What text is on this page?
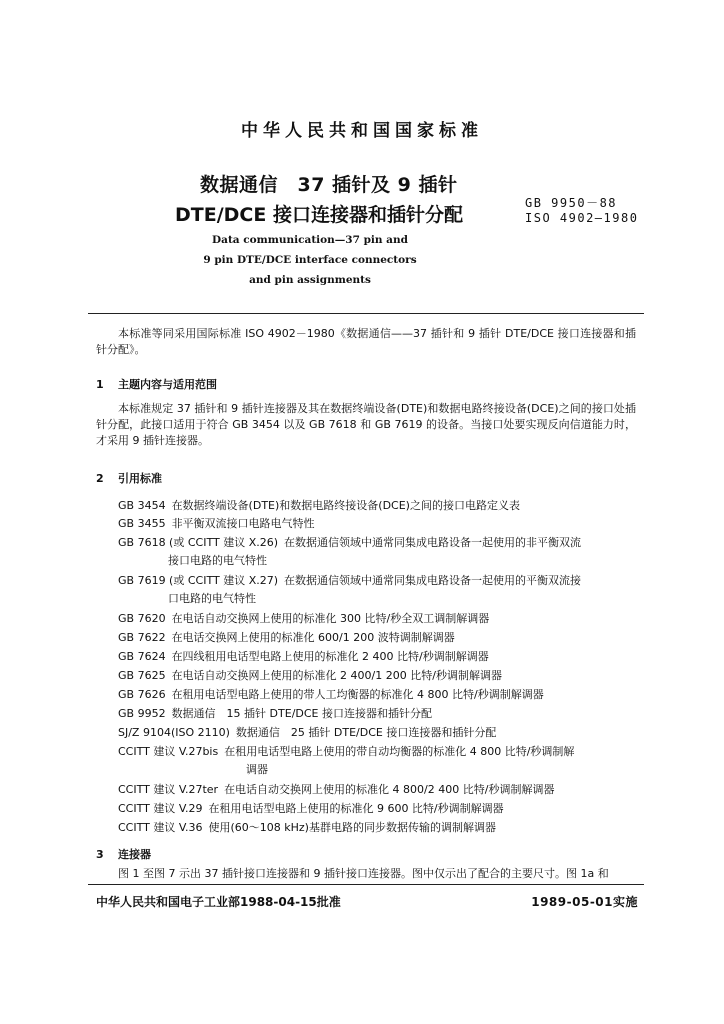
中华人民共和国国家标准
数据通信　37 插针及 9 插针
DTE/DCE 接口连接器和插针分配
GB 9950－88
ISO 4902—1980
Data communication—37 pin and
9 pin DTE/DCE interface connectors
and pin assignments
本标准等同采用国际标准 ISO 4902－1980《数据通信——37 插针和 9 插针 DTE/DCE 接口连接器和插针分配》。
1 主题内容与适用范围
本标准规定 37 插针和 9 插针连接器及其在数据终端设备(DTE)和数据电路终接设备(DCE)之间的接口处插针分配，此接口适用于符合 GB 3454 以及 GB 7618 和 GB 7619 的设备。当接口处要实现反向信道能力时，才采用 9 插针连接器。
2 引用标准
GB 3454 在数据终端设备(DTE)和数据电路终接设备(DCE)之间的接口电路定义表
GB 3455 非平衡双流接口电路电气特性
GB 7618 (或 CCITT 建议 X.26) 在数据通信领域中通常同集成电路设备一起使用的非平衡双流
接口电路的电气特性
GB 7619 (或 CCITT 建议 X.27) 在数据通信领域中通常同集成电路设备一起使用的平衡双流接
口电路的电气特性
GB 7620 在电话自动交换网上使用的标准化 300 比特/秒全双工调制解调器
GB 7622 在电话交换网上使用的标准化 600/1 200 波特调制解调器
GB 7624 在四线租用电话型电路上使用的标准化 2 400 比特/秒调制解调器
GB 7625 在电话自动交换网上使用的标准化 2 400/1 200 比特/秒调制解调器
GB 7626 在租用电话型电路上使用的带人工均衡器的标准化 4 800 比特/秒调制解调器
GB 9952 数据通信　15 插针 DTE/DCE 接口连接器和插针分配
SJ/Z 9104(ISO 2110) 数据通信　25 插针 DTE/DCE 接口连接器和插针分配
CCITT 建议 V.27bis 在租用电话型电路上使用的带自动均衡器的标准化 4 800 比特/秒调制解
调器
CCITT 建议 V.27ter 在电话自动交换网上使用的标准化 4 800/2 400 比特/秒调制解调器
CCITT 建议 V.29 在租用电话型电路上使用的标准化 9 600 比特/秒调制解调器
CCITT 建议 V.36 使用(60～108 kHz)基群电路的同步数据传输的调制解调器
3 连接器
图 1 至图 7 示出 37 插针接口连接器和 9 插针接口连接器。图中仅示出了配合的主要尺寸。图 1a 和
中华人民共和国电子工业部1988-04-15批准	1989-05-01实施
